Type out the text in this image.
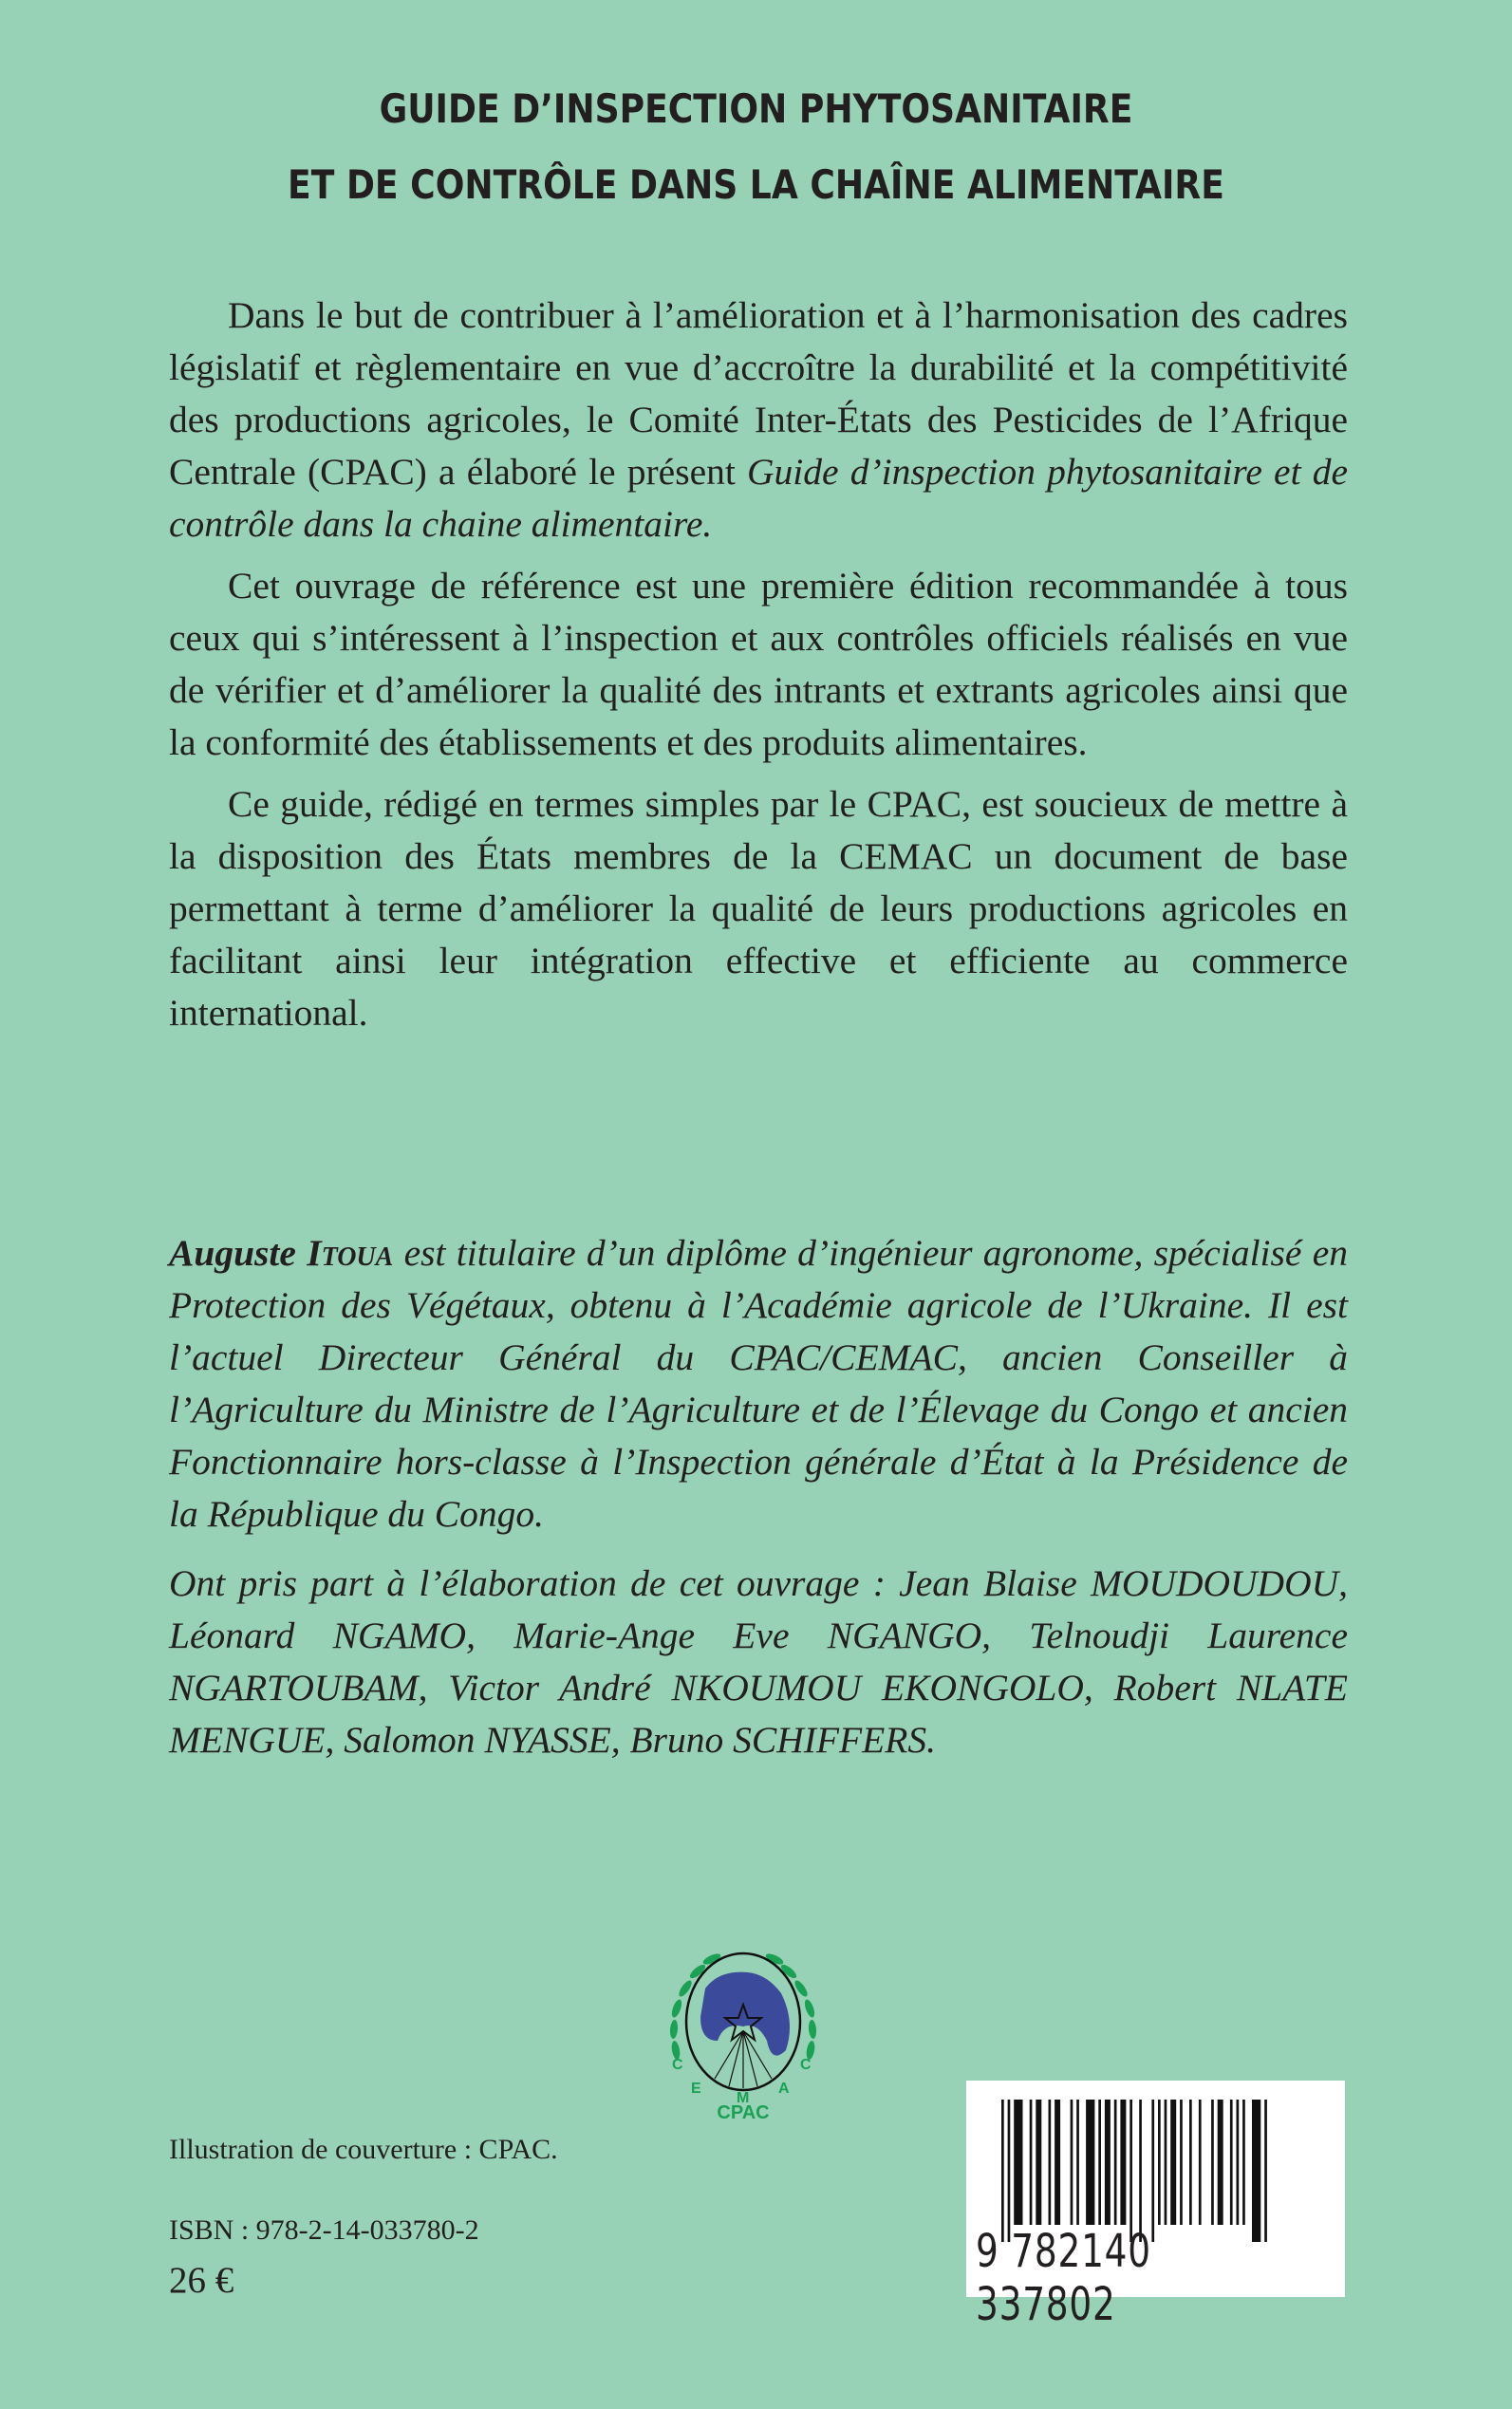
GUIDE D’INSPECTION PHYTOSANITAIRE
ET DE CONTRÔLE DANS LA CHAÎNE ALIMENTAIRE

Dans le but de contribuer à l’amélioration et à l’harmonisation des cadres législatif et règlementaire en vue d’accroître la durabilité et la compétitivité des productions agricoles, le Comité Inter-États des Pesticides de l’Afrique Centrale (CPAC) a élaboré le présent Guide d’inspection phytosanitaire et de contrôle dans la chaine alimentaire.

Cet ouvrage de référence est une première édition recommandée à tous ceux qui s’intéressent à l’inspection et aux contrôles officiels réalisés en vue de vérifier et d’améliorer la qualité des intrants et extrants agricoles ainsi que la conformité des établissements et des produits alimentaires.

Ce guide, rédigé en termes simples par le CPAC, est soucieux de mettre à la disposition des États membres de la CEMAC un document de base permettant à terme d’améliorer la qualité de leurs productions agricoles en facilitant ainsi leur intégration effective et efficiente au commerce international.

Auguste Itoua est titulaire d’un diplôme d’ingénieur agronome, spécialisé en Protection des Végétaux, obtenu à l’Académie agricole de l’Ukraine. Il est l’actuel Directeur Général du CPAC/CEMAC, ancien Conseiller à l’Agriculture du Ministre de l’Agriculture et de l’Élevage du Congo et ancien Fonctionnaire hors-classe à l’Inspection générale d’État à la Présidence de la République du Congo.
Ont pris part à l’élaboration de cet ouvrage : Jean Blaise MOUDOUDOU, Léonard NGAMO, Marie-Ange Eve NGANGO, Telnoudji Laurence NGARTOUBAM, Victor André NKOUMOU EKONGOLO, Robert NLATE MENGUE, Salomon NYASSE, Bruno SCHIFFERS.
C
E
M
A
C
CPAC
Illustration de couverture : CPAC.
ISBN : 978-2-14-033780-2
26 €
9 782140 337802
